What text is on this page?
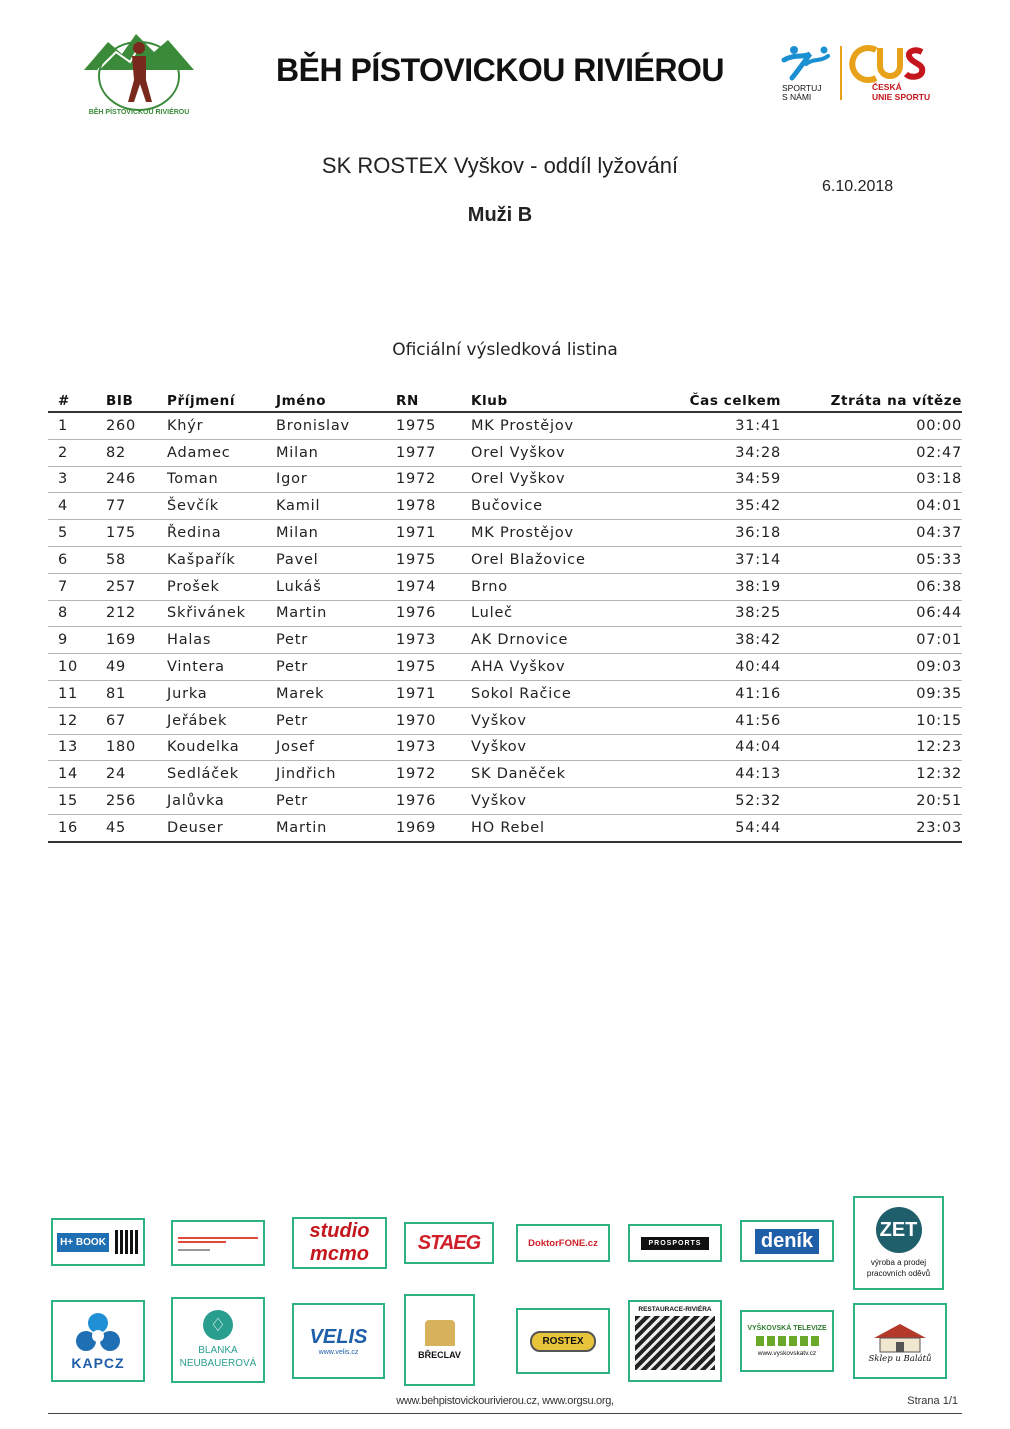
BĚH PÍSTOVICKOU RIVIÉROU
BĚH PÍSTOVICKOU RIVIÉROU	SPORTUJ
S NÁMI
ČESKÁ
UNIE SPORTU
SK ROSTEX Vyškov - oddíl lyžování
6.10.2018
Muži B
Oficiální výsledková listina
#	BIB	Příjmení	Jméno	RN	Klub	Čas celkem	Ztráta na vítěze
1	260	Khýr	Bronislav	1975	MK Prostějov	31:41	00:00
2	82	Adamec	Milan	1977	Orel Vyškov	34:28	02:47
3	246	Toman	Igor	1972	Orel Vyškov	34:59	03:18
4	77	Ševčík	Kamil	1978	Bučovice	35:42	04:01
5	175	Ředina	Milan	1971	MK Prostějov	36:18	04:37
6	58	Kašpařík	Pavel	1975	Orel Blažovice	37:14	05:33
7	257	Prošek	Lukáš	1974	Brno	38:19	06:38
8	212	Skřivánek	Martin	1976	Luleč	38:25	06:44
9	169	Halas	Petr	1973	AK Drnovice	38:42	07:01
10	49	Vintera	Petr	1975	AHA Vyškov	40:44	09:03
11	81	Jurka	Marek	1971	Sokol Račice	41:16	09:35
12	67	Jeřábek	Petr	1970	Vyškov	41:56	10:15
13	180	Koudelka	Josef	1973	Vyškov	44:04	12:23
14	24	Sedláček	Jindřich	1972	SK Daněček	44:13	12:32
15	256	Jalůvka	Petr	1976	Vyškov	52:32	20:51
16	45	Deuser	Martin	1969	HO Rebel	54:44	23:03
H+ BOOK	studio mcmo
STAEG	DoktorFONE.cz	PROSPORTS	deník	ZET
výroba a prodej pracovních oděvů
KAPCZ
♢
BLANKA NEUBAUEROVÁ
VELIS
www.velis.cz	BŘECLAV
ROSTEX
RESTAURACE-RIVIÉRA
VYŠKOVSKÁ TELEVIZE
www.vyskovskatv.cz
Sklep u Balátů
www.behpistovickourivierou.cz, www.orgsu.org,	Strana 1/1
